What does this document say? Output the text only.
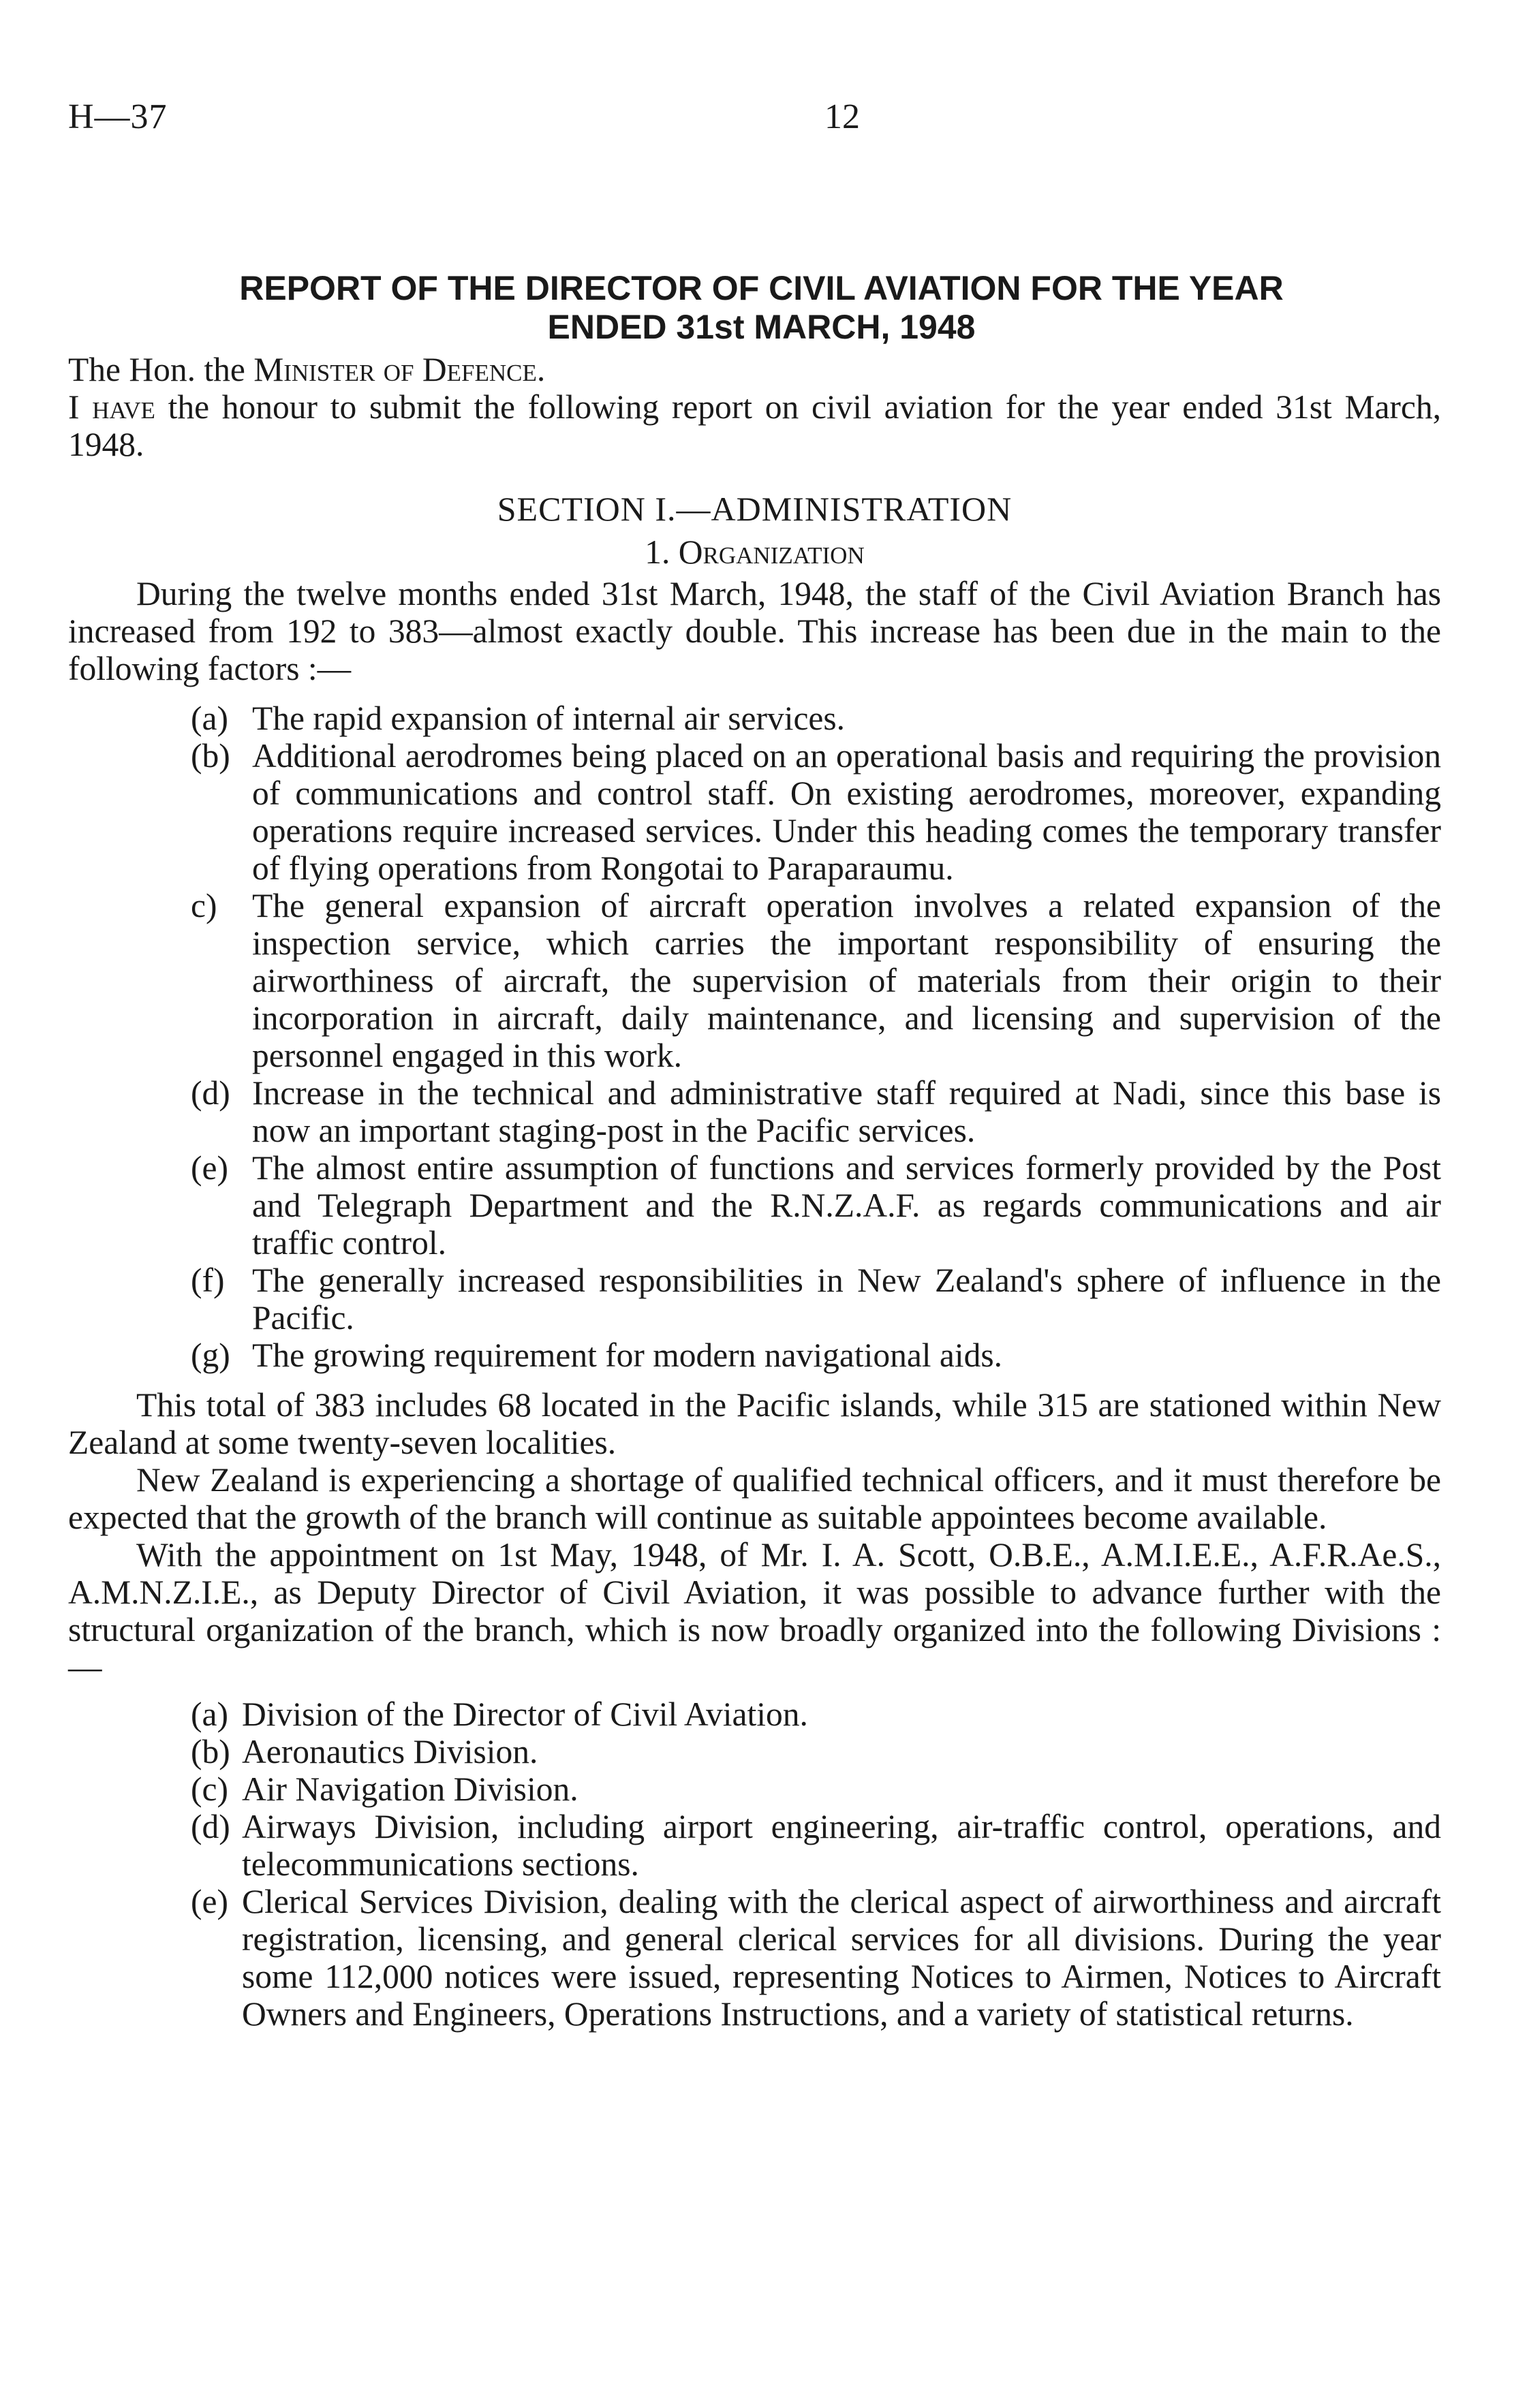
H—37	12
REPORT OF THE DIRECTOR OF CIVIL AVIATION FOR THE YEAR
ENDED 31st MARCH, 1948
The Hon. the Minister of Defence.

I have the honour to submit the following report on civil aviation for the year ended 31st March, 1948.

SECTION I.—ADMINISTRATION
1. Organization

During the twelve months ended 31st March, 1948, the staff of the Civil Aviation Branch has increased from 192 to 383—almost exactly double. This increase has been due in the main to the following factors :—

(a) The rapid expansion of internal air services.
(b) Additional aerodromes being placed on an operational basis and requiring the provision of communications and control staff. On existing aerodromes, moreover, expanding operations require increased services. Under this heading comes the temporary transfer of flying operations from Rongotai to Paraparaumu.
c) The general expansion of aircraft operation involves a related expansion of the inspection service, which carries the important responsibility of ensuring the airworthiness of aircraft, the supervision of materials from their origin to their incorporation in aircraft, daily maintenance, and licensing and supervision of the personnel engaged in this work.
(d) Increase in the technical and administrative staff required at Nadi, since this base is now an important staging-post in the Pacific services.
(e) The almost entire assumption of functions and services formerly provided by the Post and Telegraph Department and the R.N.Z.A.F. as regards communications and air traffic control.
(f) The generally increased responsibilities in New Zealand's sphere of influence in the Pacific.
(g) The growing requirement for modern navigational aids.

This total of 383 includes 68 located in the Pacific islands, while 315 are stationed within New Zealand at some twenty-seven localities.

New Zealand is experiencing a shortage of qualified technical officers, and it must therefore be expected that the growth of the branch will continue as suitable appointees become available.

With the appointment on 1st May, 1948, of Mr. I. A. Scott, O.B.E., A.M.I.E.E., A.F.R.Ae.S., A.M.N.Z.I.E., as Deputy Director of Civil Aviation, it was possible to advance further with the structural organization of the branch, which is now broadly organized into the following Divisions :—

(a) Division of the Director of Civil Aviation.
(b) Aeronautics Division.
(c) Air Navigation Division.
(d) Airways Division, including airport engineering, air-traffic control, operations, and telecommunications sections.
(e) Clerical Services Division, dealing with the clerical aspect of airworthiness and aircraft registration, licensing, and general clerical services for all divisions. During the year some 112,000 notices were issued, representing Notices to Airmen, Notices to Aircraft Owners and Engineers, Operations Instructions, and a variety of statistical returns.
